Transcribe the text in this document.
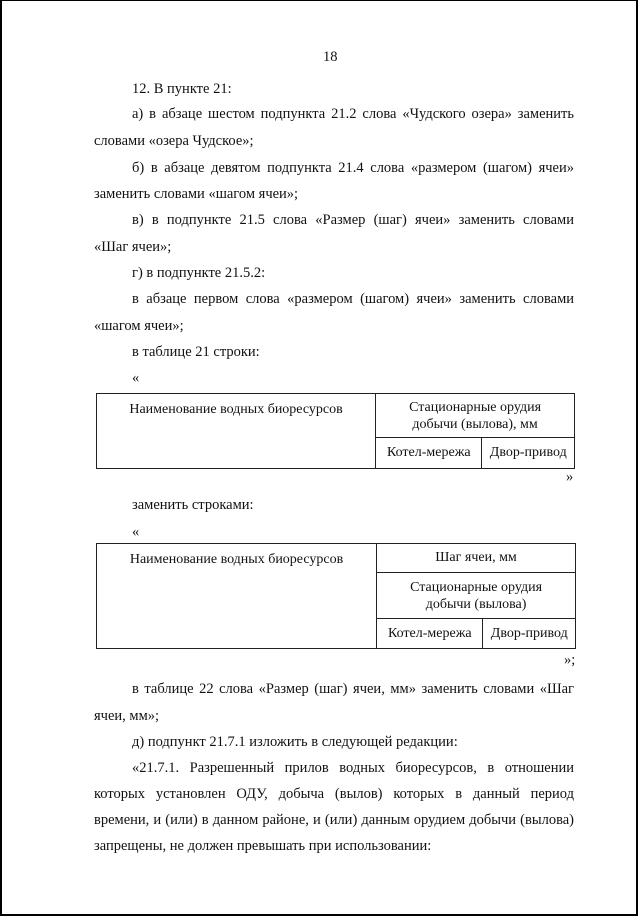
18
12. В пункте 21:
а) в абзаце шестом подпункта 21.2 слова «Чудского озера» заменить
словами «озера Чудское»;
б) в абзаце девятом подпункта 21.4 слова «размером (шагом) ячеи»
заменить словами «шагом ячеи»;
в) в подпункте 21.5 слова «Размер (шаг) ячеи» заменить словами
«Шаг ячеи»;
г) в подпункте 21.5.2:
в абзаце первом слова «размером (шагом) ячеи» заменить словами
«шагом ячеи»;
в таблице 21 строки:
«
Наименование водных биоресурсов	Стационарные орудия
добычи (вылова), мм	

	Котел-мережа	Двор-привод
»
заменить строками:
«
Наименование водных биоресурсов	Шаг ячеи, мм	

	Стационарные орудия
добычи (вылова)	

	Котел-мережа	Двор-привод
»;
в таблице 22 слова «Размер (шаг) ячеи, мм» заменить словами «Шаг
ячеи, мм»;
д) подпункт 21.7.1 изложить в следующей редакции:
«21.7.1. Разрешенный прилов водных биоресурсов, в отношении
которых установлен ОДУ, добыча (вылов) которых в данный период
времени, и (или) в данном районе, и (или) данным орудием добычи (вылова)
запрещены, не должен превышать при использовании:
